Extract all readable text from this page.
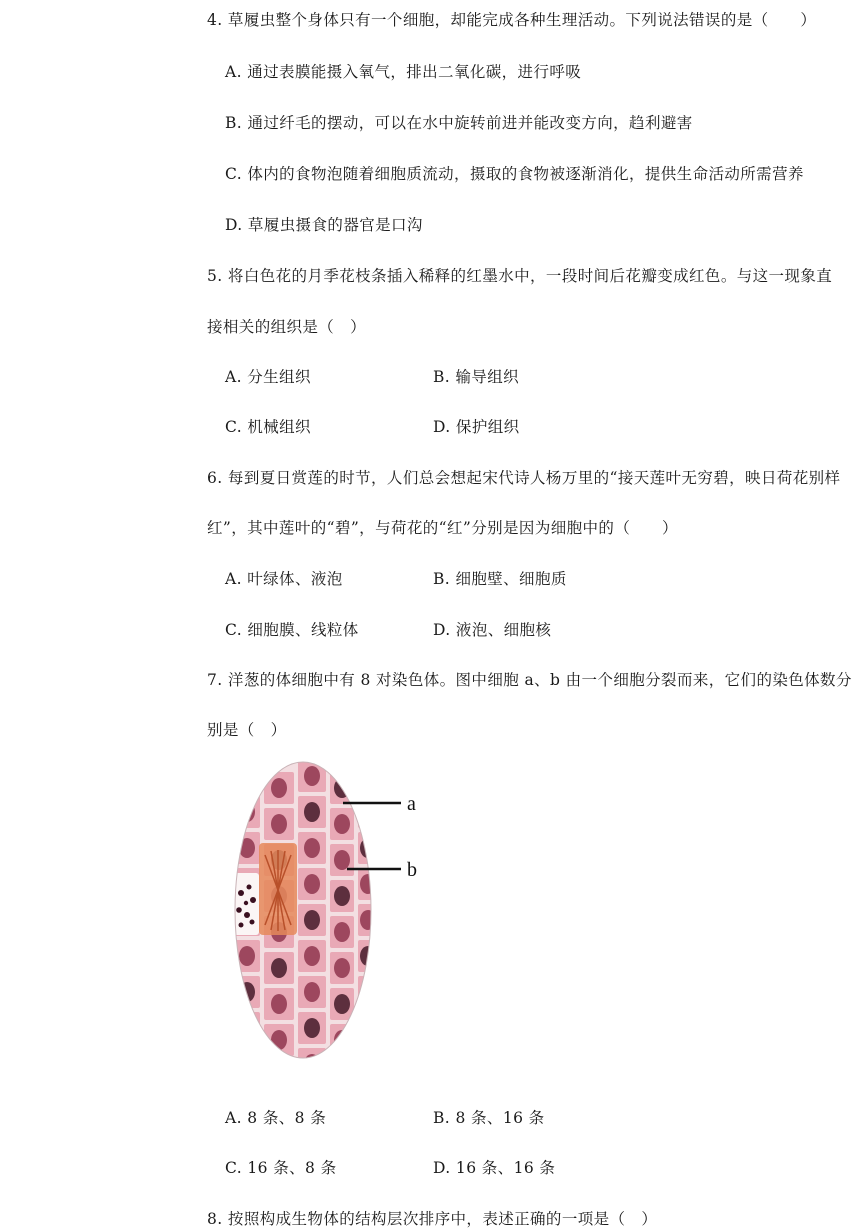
4. 草履虫整个身体只有一个细胞，却能完成各种生理活动。下列说法错误的是（　　）
A. 通过表膜能摄入氧气，排出二氧化碳，进行呼吸
B. 通过纤毛的摆动，可以在水中旋转前进并能改变方向，趋利避害
C. 体内的食物泡随着细胞质流动，摄取的食物被逐渐消化，提供生命活动所需营养
D. 草履虫摄食的器官是口沟
5. 将白色花的月季花枝条插入稀释的红墨水中，一段时间后花瓣变成红色。与这一现象直
接相关的组织是（　）
A. 分生组织	B. 输导组织
C. 机械组织	D. 保护组织
6. 每到夏日赏莲的时节，人们总会想起宋代诗人杨万里的“接天莲叶无穷碧，映日荷花别样
红”，其中莲叶的“碧”，与荷花的“红”分别是因为细胞中的（　　）
A. 叶绿体、液泡	B. 细胞壁、细胞质
C. 细胞膜、线粒体	D. 液泡、细胞核
7. 洋葱的体细胞中有 8 对染色体。图中细胞 a、b 由一个细胞分裂而来，它们的染色体数分
别是（　）
a
b
A. 8 条、8 条	B. 8 条、16 条
C. 16 条、8 条	D. 16 条、16 条
8. 按照构成生物体的结构层次排序中，表述正确的一项是（　）
